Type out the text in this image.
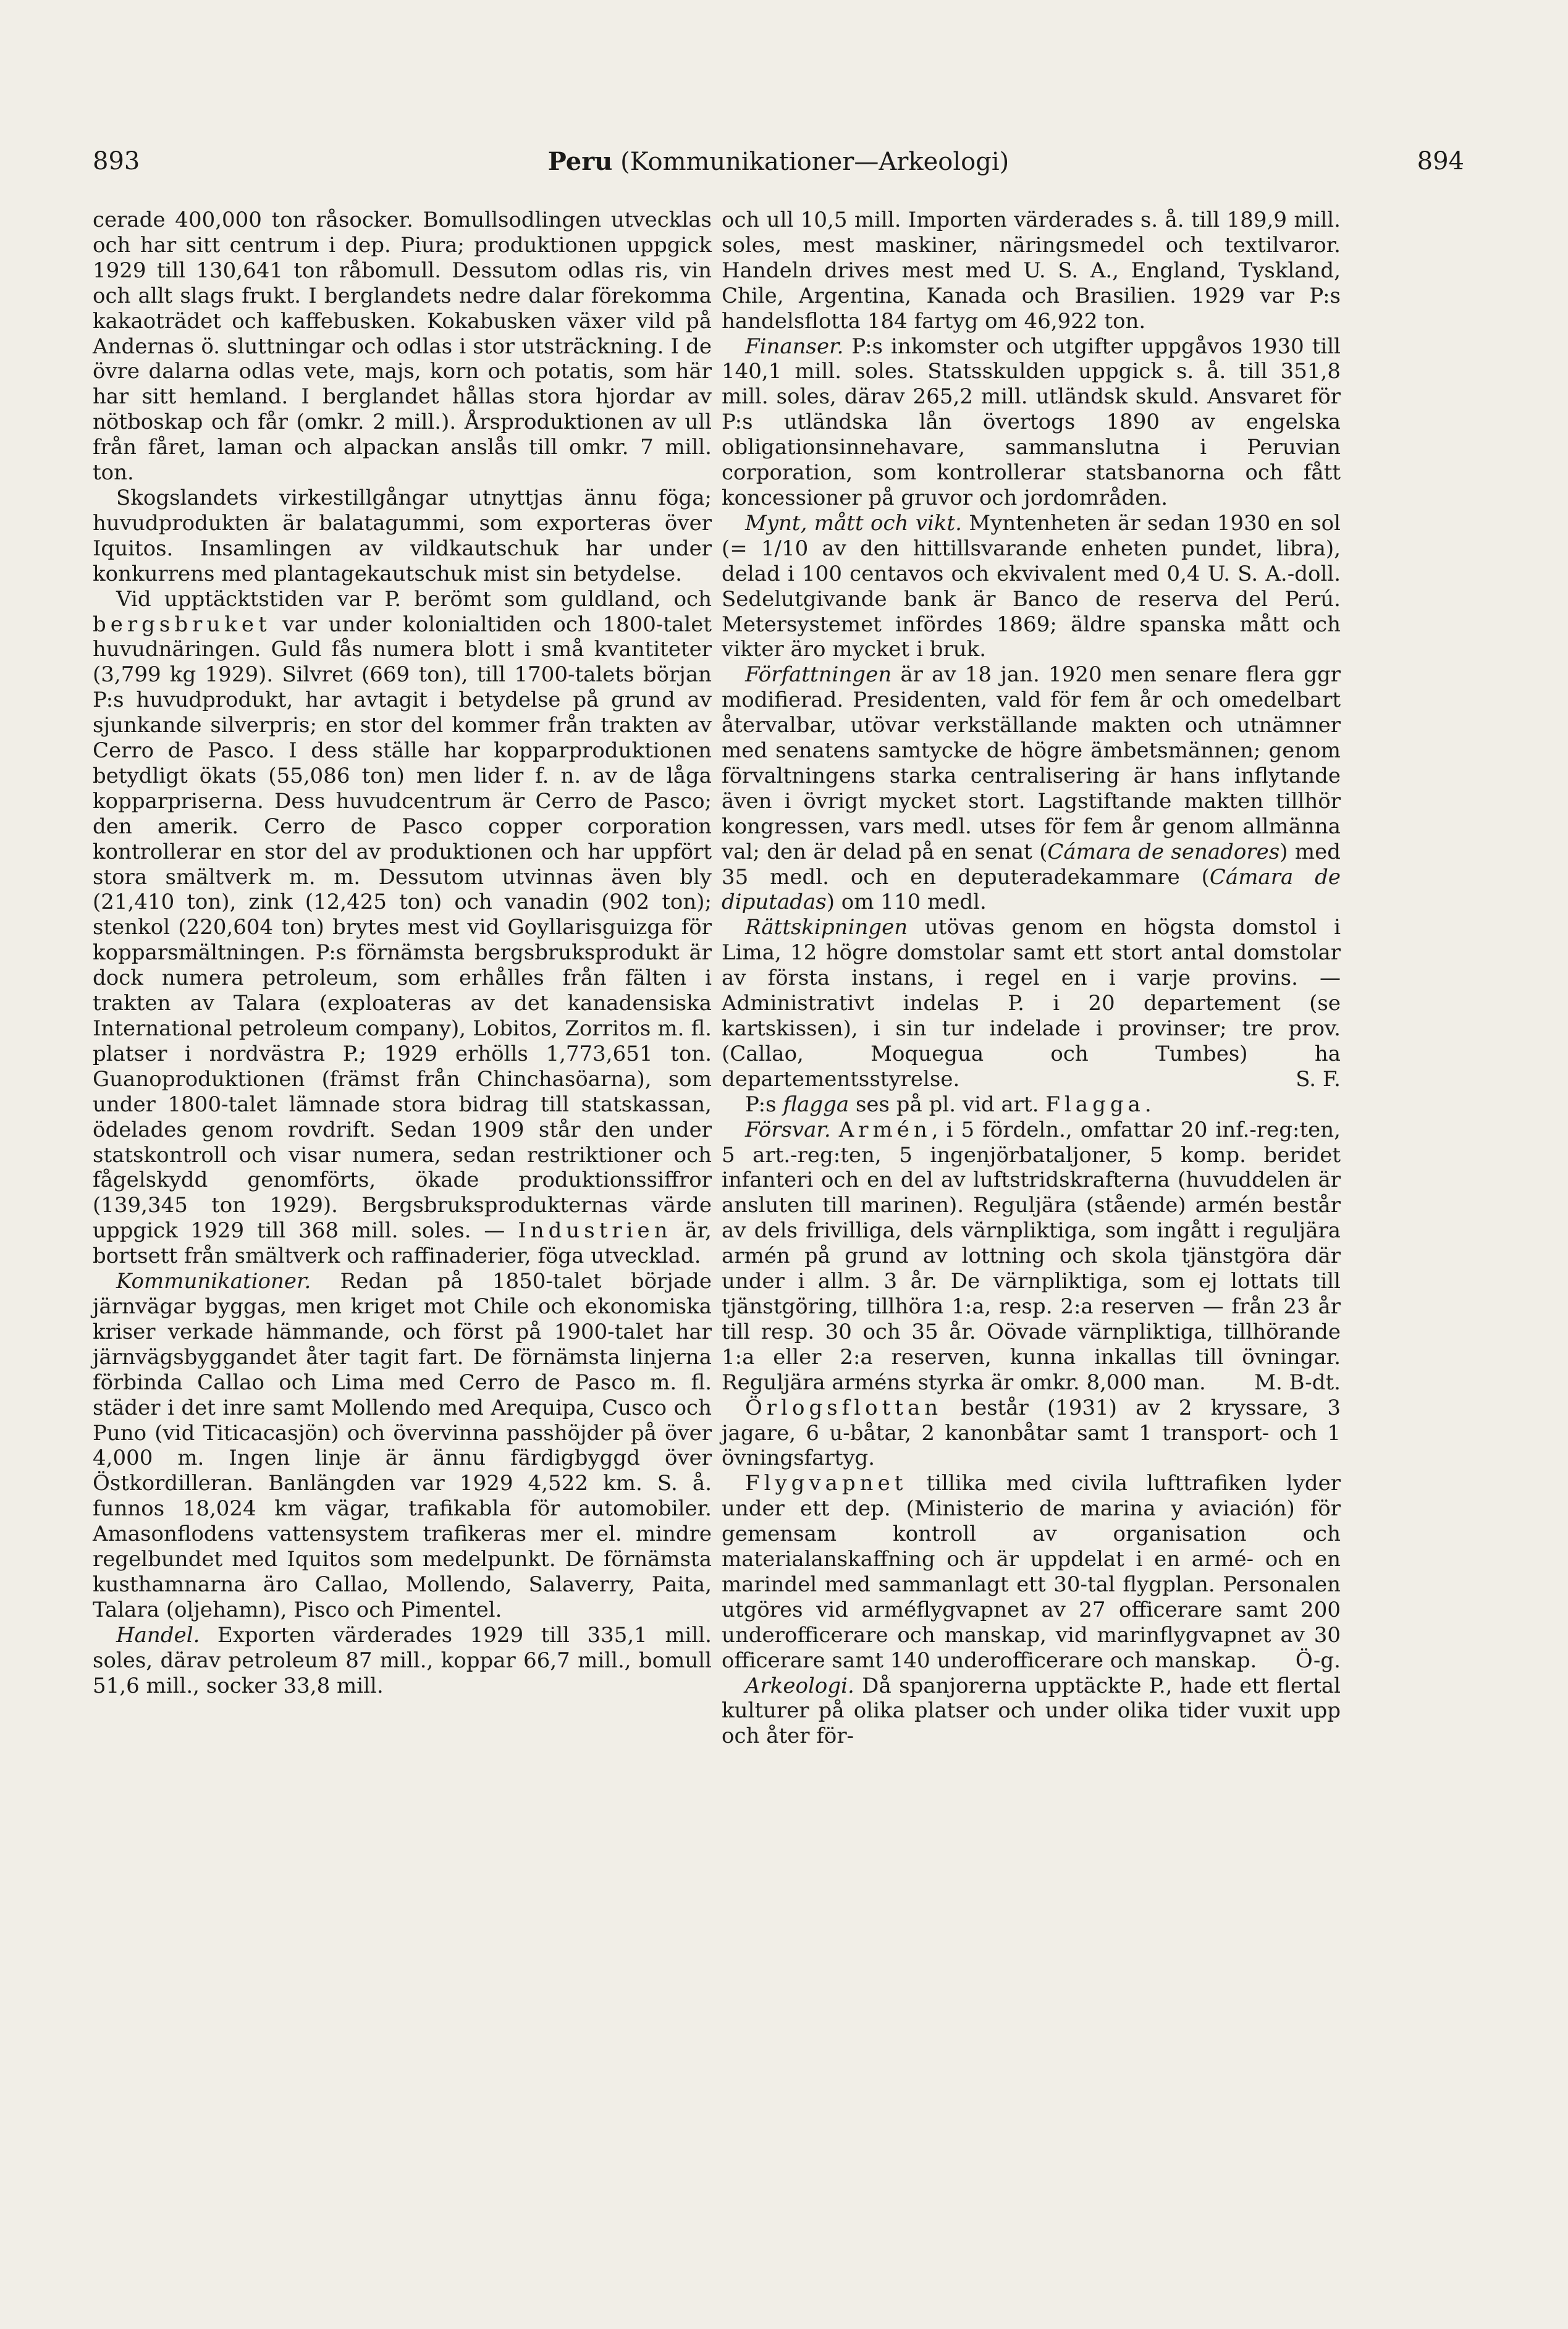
893	Peru (Kommunikationer—Arkeologi)	894

cerade 400,000 ton råsocker. Bomullsodlingen utvecklas och har sitt centrum i dep. Piura; produktionen uppgick 1929 till 130,641 ton råbomull. Dessutom odlas ris, vin och allt slags frukt. I berglandets nedre dalar förekomma kakaoträdet och kaffebusken. Kokabusken växer vild på Andernas ö. sluttningar och odlas i stor utsträckning. I de övre dalarna odlas vete, majs, korn och potatis, som här har sitt hemland. I berglandet hållas stora hjordar av nötboskap och får (omkr. 2 mill.). Årsproduktionen av ull från fåret, laman och alpackan anslås till omkr. 7 mill. ton.

Skogslandets virkestillgångar utnyttjas ännu föga; huvudprodukten är balatagummi, som exporteras över Iquitos. Insamlingen av vildkautschuk har under konkurrens med plantagekautschuk mist sin betydelse.

Vid upptäcktstiden var P. berömt som guldland, och bergsbruket var under kolonialtiden och 1800-talet huvudnäringen. Guld fås numera blott i små kvantiteter (3,799 kg 1929). Silvret (669 ton), till 1700-talets början P:s huvudprodukt, har avtagit i betydelse på grund av sjunkande silverpris; en stor del kommer från trakten av Cerro de Pasco. I dess ställe har kopparproduktionen betydligt ökats (55,086 ton) men lider f. n. av de låga kopparpriserna. Dess huvudcentrum är Cerro de Pasco; den amerik. Cerro de Pasco copper corporation kontrollerar en stor del av produktionen och har uppfört stora smältverk m. m. Dessutom utvinnas även bly (21,410 ton), zink (12,425 ton) och vanadin (902 ton); stenkol (220,604 ton) brytes mest vid Goyllarisguizga för kopparsmältningen. P:s förnämsta bergsbruksprodukt är dock numera petroleum, som erhålles från fälten i trakten av Talara (exploateras av det kanadensiska International petroleum company), Lobitos, Zorritos m. fl. platser i nordvästra P.; 1929 erhölls 1,773,651 ton. Guanoproduktionen (främst från Chinchasöarna), som under 1800-talet lämnade stora bidrag till statskassan, ödelades genom rovdrift. Sedan 1909 står den under statskontroll och visar numera, sedan restriktioner och fågelskydd genomförts, ökade produktionssiffror (139,345 ton 1929). Bergsbruksprodukternas värde uppgick 1929 till 368 mill. soles. — Industrien är, bortsett från smältverk och raffinaderier, föga utvecklad.

Kommunikationer. Redan på 1850-talet började järnvägar byggas, men kriget mot Chile och ekonomiska kriser verkade hämmande, och först på 1900-talet har järnvägsbyggandet åter tagit fart. De förnämsta linjerna förbinda Callao och Lima med Cerro de Pasco m. fl. städer i det inre samt Mollendo med Arequipa, Cusco och Puno (vid Titicacasjön) och övervinna passhöjder på över 4,000 m. Ingen linje är ännu färdigbyggd över Östkordilleran. Banlängden var 1929 4,522 km. S. å. funnos 18,024 km vägar, trafikabla för automobiler. Amasonflodens vattensystem trafikeras mer el. mindre regelbundet med Iquitos som medelpunkt. De förnämsta kusthamnarna äro Callao, Mollendo, Salaverry, Paita, Talara (oljehamn), Pisco och Pimentel.

Handel. Exporten värderades 1929 till 335,1 mill. soles, därav petroleum 87 mill., koppar 66,7 mill., bomull 51,6 mill., socker 33,8 mill.

och ull 10,5 mill. Importen värderades s. å. till 189,9 mill. soles, mest maskiner, näringsmedel och textilvaror. Handeln drives mest med U. S. A., England, Tyskland, Chile, Argentina, Kanada och Brasilien. 1929 var P:s handelsflotta 184 fartyg om 46,922 ton.

Finanser. P:s inkomster och utgifter uppgåvos 1930 till 140,1 mill. soles. Statsskulden uppgick s. å. till 351,8 mill. soles, därav 265,2 mill. utländsk skuld. Ansvaret för P:s utländska lån övertogs 1890 av engelska obligationsinnehavare, sammanslutna i Peruvian corporation, som kontrollerar statsbanorna och fått koncessioner på gruvor och jordområden.

Mynt, mått och vikt. Myntenheten är sedan 1930 en sol (= 1/10 av den hittillsvarande enheten pundet, libra), delad i 100 centavos och ekvivalent med 0,4 U. S. A.-doll. Sedelutgivande bank är Banco de reserva del Perú. Metersystemet infördes 1869; äldre spanska mått och vikter äro mycket i bruk.

Författningen är av 18 jan. 1920 men senare flera ggr modifierad. Presidenten, vald för fem år och omedelbart återvalbar, utövar verkställande makten och utnämner med senatens samtycke de högre ämbetsmännen; genom förvaltningens starka centralisering är hans inflytande även i övrigt mycket stort. Lagstiftande makten tillhör kongressen, vars medl. utses för fem år genom allmänna val; den är delad på en senat (Cámara de senadores) med 35 medl. och en deputeradekammare (Cámara de diputadas) om 110 medl.

Rättskipningen utövas genom en högsta domstol i Lima, 12 högre domstolar samt ett stort antal domstolar av första instans, i regel en i varje provins. — Administrativt indelas P. i 20 departement (se kartskissen), i sin tur indelade i provinser; tre prov. (Callao, Moquegua och Tumbes) ha departementsstyrelse.	S. F.

P:s flagga ses på pl. vid art. Flagga.

Försvar. Armén, i 5 fördeln., omfattar 20 inf.-reg:ten, 5 art.-reg:ten, 5 ingenjörbataljoner, 5 komp. beridet infanteri och en del av luftstridskrafterna (huvuddelen är ansluten till marinen). Reguljära (stående) armén består av dels frivilliga, dels värnpliktiga, som ingått i reguljära armén på grund av lottning och skola tjänstgöra där under i allm. 3 år. De värnpliktiga, som ej lottats till tjänstgöring, tillhöra 1:a, resp. 2:a reserven — från 23 år till resp. 30 och 35 år. Oövade värnpliktiga, tillhörande 1:a eller 2:a reserven, kunna inkallas till övningar. Reguljära arméns styrka är omkr. 8,000 man.	M. B-dt.

Örlogsflottan består (1931) av 2 kryssare, 3 jagare, 6 u-båtar, 2 kanonbåtar samt 1 transport- och 1 övningsfartyg.

Flygvapnet tillika med civila lufttrafiken lyder under ett dep. (Ministerio de marina y aviación) för gemensam kontroll av organisation och materialanskaffning och är uppdelat i en armé- och en marindel med sammanlagt ett 30-tal flygplan. Personalen utgöres vid arméflygvapnet av 27 officerare samt 200 underofficerare och manskap, vid marinflygvapnet av 30 officerare samt 140 underofficerare och manskap.	Ö-g.

Arkeologi. Då spanjorerna upptäckte P., hade ett flertal kulturer på olika platser och under olika tider vuxit upp och åter för-
